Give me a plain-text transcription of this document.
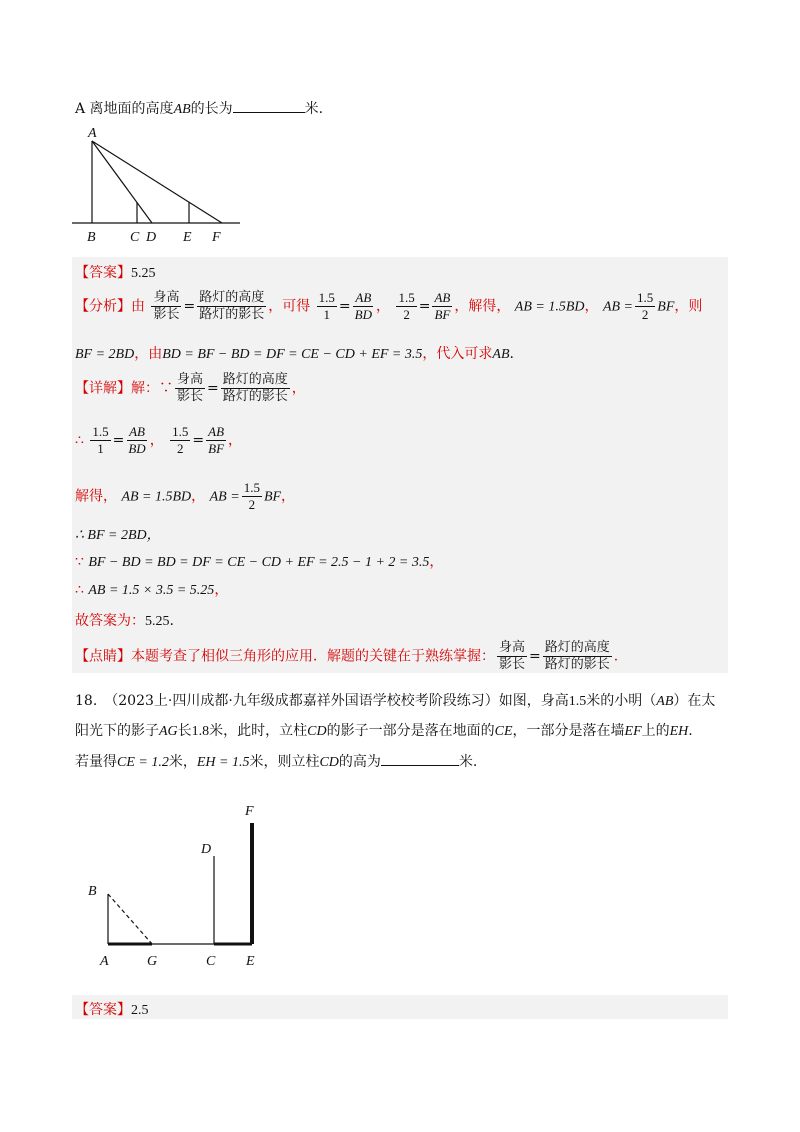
A 离地面的高度AB的长为	米.
A
B C D E F
【答案】5.25
【分析】由 $\frac{\text{身高}}{\text{影长}} = \frac{\text{路灯的高度}}{\text{路灯的影长}}$ ，可得 $\frac{1.5}{1} = \frac{AB}{BD}$ ， $\frac{1.5}{2} = \frac{AB}{BF}$ ，解得， AB = 1.5BD， AB = $\frac{1.5}{2}$ BF，则
BF = 2BD，由BD = BF − BD = DF = CE − CD + EF = 3.5，代入可求AB.
【详解】解：∵ $\frac{\text{身高}}{\text{影长}} = \frac{\text{路灯的高度}}{\text{路灯的影长}}$ ，
∴ $\frac{1.5}{1} = \frac{AB}{BD}$ ， $\frac{1.5}{2} = \frac{AB}{BF}$ ，
解得， AB = 1.5BD， AB = $\frac{1.5}{2}$ BF，
∴ BF = 2BD，
∵ BF − BD = BD = DF = CE − CD + EF = 2.5 − 1 + 2 = 3.5，
∴ AB = 1.5 × 3.5 = 5.25，
故答案为：5.25.
【点睛】本题考查了相似三角形的应用．解题的关键在于熟练掌握： $\frac{\text{身高}}{\text{影长}} = \frac{\text{路灯的高度}}{\text{路灯的影长}}$ .
18.　（2023上·四川成都·九年级成都嘉祥外国语学校校考阶段练习）如图，身高1.5米的小明（AB）在太
阳光下的影子AG长1.8米，此时，立柱CD的影子一部分是落在地面的CE，一部分是落在墙EF上的EH.
若量得CE = 1.2米，EH = 1.5米，则立柱CD的高为	米.
B
A	G
D
C
F
E
【答案】2.5
